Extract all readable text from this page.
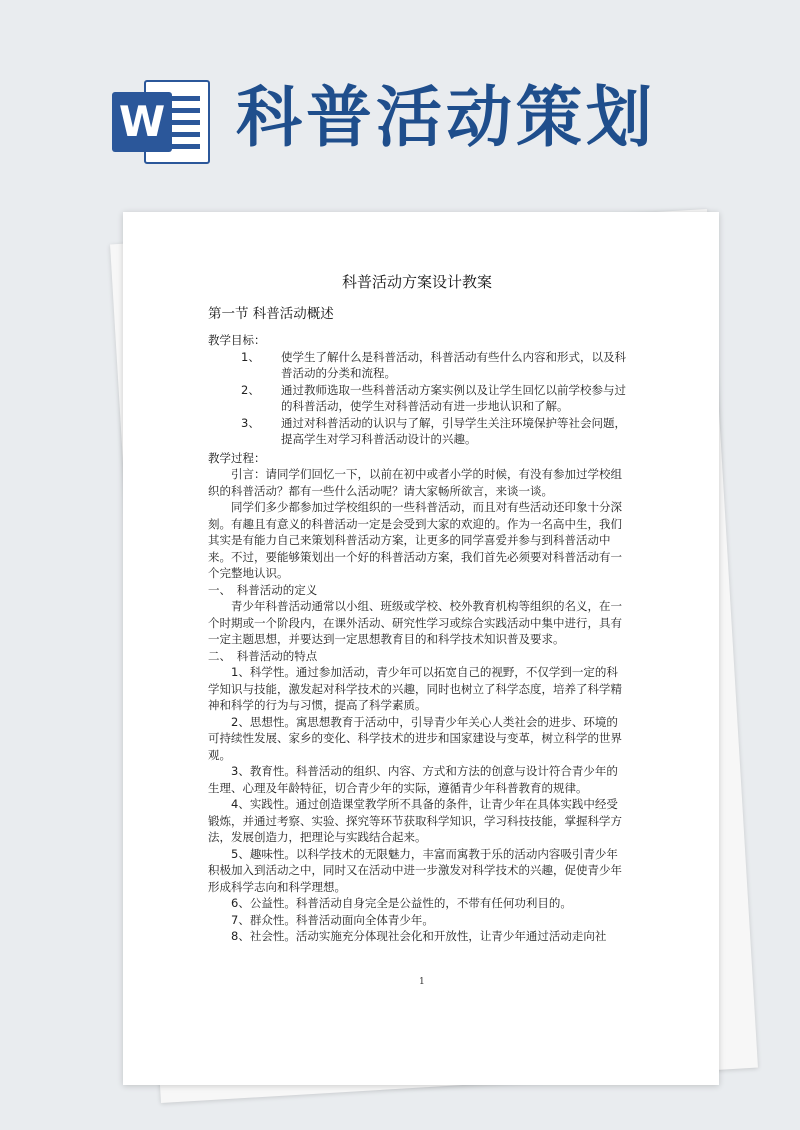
W 科普活动策划
科普活动方案设计教案
第一节 科普活动概述
教学目标：
1、 使学生了解什么是科普活动，科普活动有些什么内容和形式，以及科普活动的分类和流程。
2、 通过教师选取一些科普活动方案实例以及让学生回忆以前学校参与过的科普活动，使学生对科普活动有进一步地认识和了解。
3、 通过对科普活动的认识与了解，引导学生关注环境保护等社会问题，提高学生对学习科普活动设计的兴趣。
教学过程：
引言：请同学们回忆一下，以前在初中或者小学的时候，有没有参加过学校组织的科普活动？都有一些什么活动呢？请大家畅所欲言，来谈一谈。
同学们多少都参加过学校组织的一些科普活动，而且对有些活动还印象十分深刻。有趣且有意义的科普活动一定是会受到大家的欢迎的。作为一名高中生，我们其实是有能力自己来策划科普活动方案，让更多的同学喜爱并参与到科普活动中来。不过，要能够策划出一个好的科普活动方案，我们首先必须要对科普活动有一个完整地认识。
一、　科普活动的定义
青少年科普活动通常以小组、班级或学校、校外教育机构等组织的名义，在一个时期或一个阶段内，在课外活动、研究性学习或综合实践活动中集中进行，具有一定主题思想，并要达到一定思想教育目的和科学技术知识普及要求。
二、　科普活动的特点
1、科学性。通过参加活动，青少年可以拓宽自己的视野，不仅学到一定的科学知识与技能，激发起对科学技术的兴趣，同时也树立了科学态度，培养了科学精神和科学的行为与习惯，提高了科学素质。
2、思想性。寓思想教育于活动中，引导青少年关心人类社会的进步、环境的可持续性发展、家乡的变化、科学技术的进步和国家建设与变革，树立科学的世界观。
3、教育性。科普活动的组织、内容、方式和方法的创意与设计符合青少年的生理、心理及年龄特征，切合青少年的实际，遵循青少年科普教育的规律。
4、实践性。通过创造课堂教学所不具备的条件，让青少年在具体实践中经受锻炼，并通过考察、实验、探究等环节获取科学知识，学习科技技能，掌握科学方法，发展创造力，把理论与实践结合起来。
5、趣味性。以科学技术的无限魅力，丰富而寓教于乐的活动内容吸引青少年积极加入到活动之中，同时又在活动中进一步激发对科学技术的兴趣，促使青少年形成科学志向和科学理想。
6、公益性。科普活动自身完全是公益性的，不带有任何功利目的。
7、群众性。科普活动面向全体青少年。
8、社会性。活动实施充分体现社会化和开放性，让青少年通过活动走向社
1
